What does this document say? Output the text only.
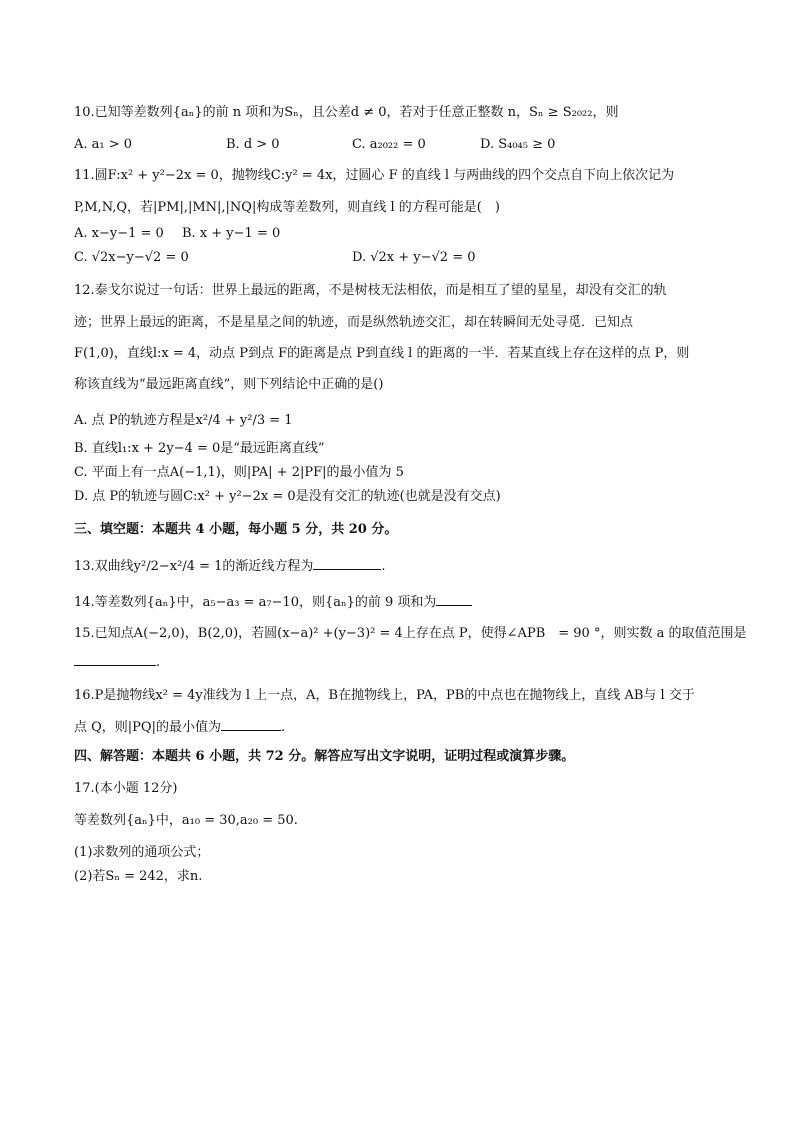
10.已知等差数列{aₙ}的前 n 项和为Sₙ，且公差d ≠ 0，若对于任意正整数 n，Sₙ ≥ S₂₀₂₂，则
A. a₁ > 0	B. d > 0	C. a₂₀₂₂ = 0	D. S₄₀₄₅ ≥ 0
11.圆F:x² + y²−2x = 0，抛物线C:y² = 4x，过圆心 F 的直线 l 与两曲线的四个交点自下向上依次记为
P,M,N,Q，若|PM|,|MN|,|NQ|构成等差数列，则直线 l 的方程可能是(　)
A. x−y−1 = 0 B. x + y−1 = 0
C. √2x−y−√2 = 0	D. √2x + y−√2 = 0
12.泰戈尔说过一句话：世界上最远的距离，不是树枝无法相依，而是相互了望的星星，却没有交汇的轨
迹；世界上最远的距离，不是星星之间的轨迹，而是纵然轨迹交汇，却在转瞬间无处寻觅．已知点
F(1,0)，直线l:x = 4，动点 P到点 F的距离是点 P到直线 l 的距离的一半．若某直线上存在这样的点 P，则
称该直线为“最远距离直线”，则下列结论中正确的是()
A. 点 P的轨迹方程是x²/4 + y²/3 = 1
B. 直线l₁:x + 2y−4 = 0是“最远距离直线”
C. 平面上有一点A(−1,1)，则|PA| + 2|PF|的最小值为 5
D. 点 P的轨迹与圆C:x² + y²−2x = 0是没有交汇的轨迹(也就是没有交点)
三、填空题：本题共 4 小题，每小题 5 分，共 20 分。
13.双曲线y²/2−x²/4 = 1的渐近线方程为	.
14.等差数列{aₙ}中，a₅−a₃ = a₇−10，则{aₙ}的前 9 项和为
15.已知点A(−2,0)，B(2,0)，若圆(x−a)² +(y−3)² = 4上存在点 P，使得∠APB　= 90 °，则实数 a 的取值范围是
.
16.P是抛物线x² = 4y准线为 l 上一点，A，B在抛物线上，PA，PB的中点也在抛物线上，直线 AB与 l 交于
点 Q，则|PQ|的最小值为	.
四、解答题：本题共 6 小题，共 72 分。解答应写出文字说明，证明过程或演算步骤。
17.(本小题 12分)
等差数列{aₙ}中，a₁₀ = 30,a₂₀ = 50.
(1)求数列的通项公式；
(2)若Sₙ = 242，求n.
